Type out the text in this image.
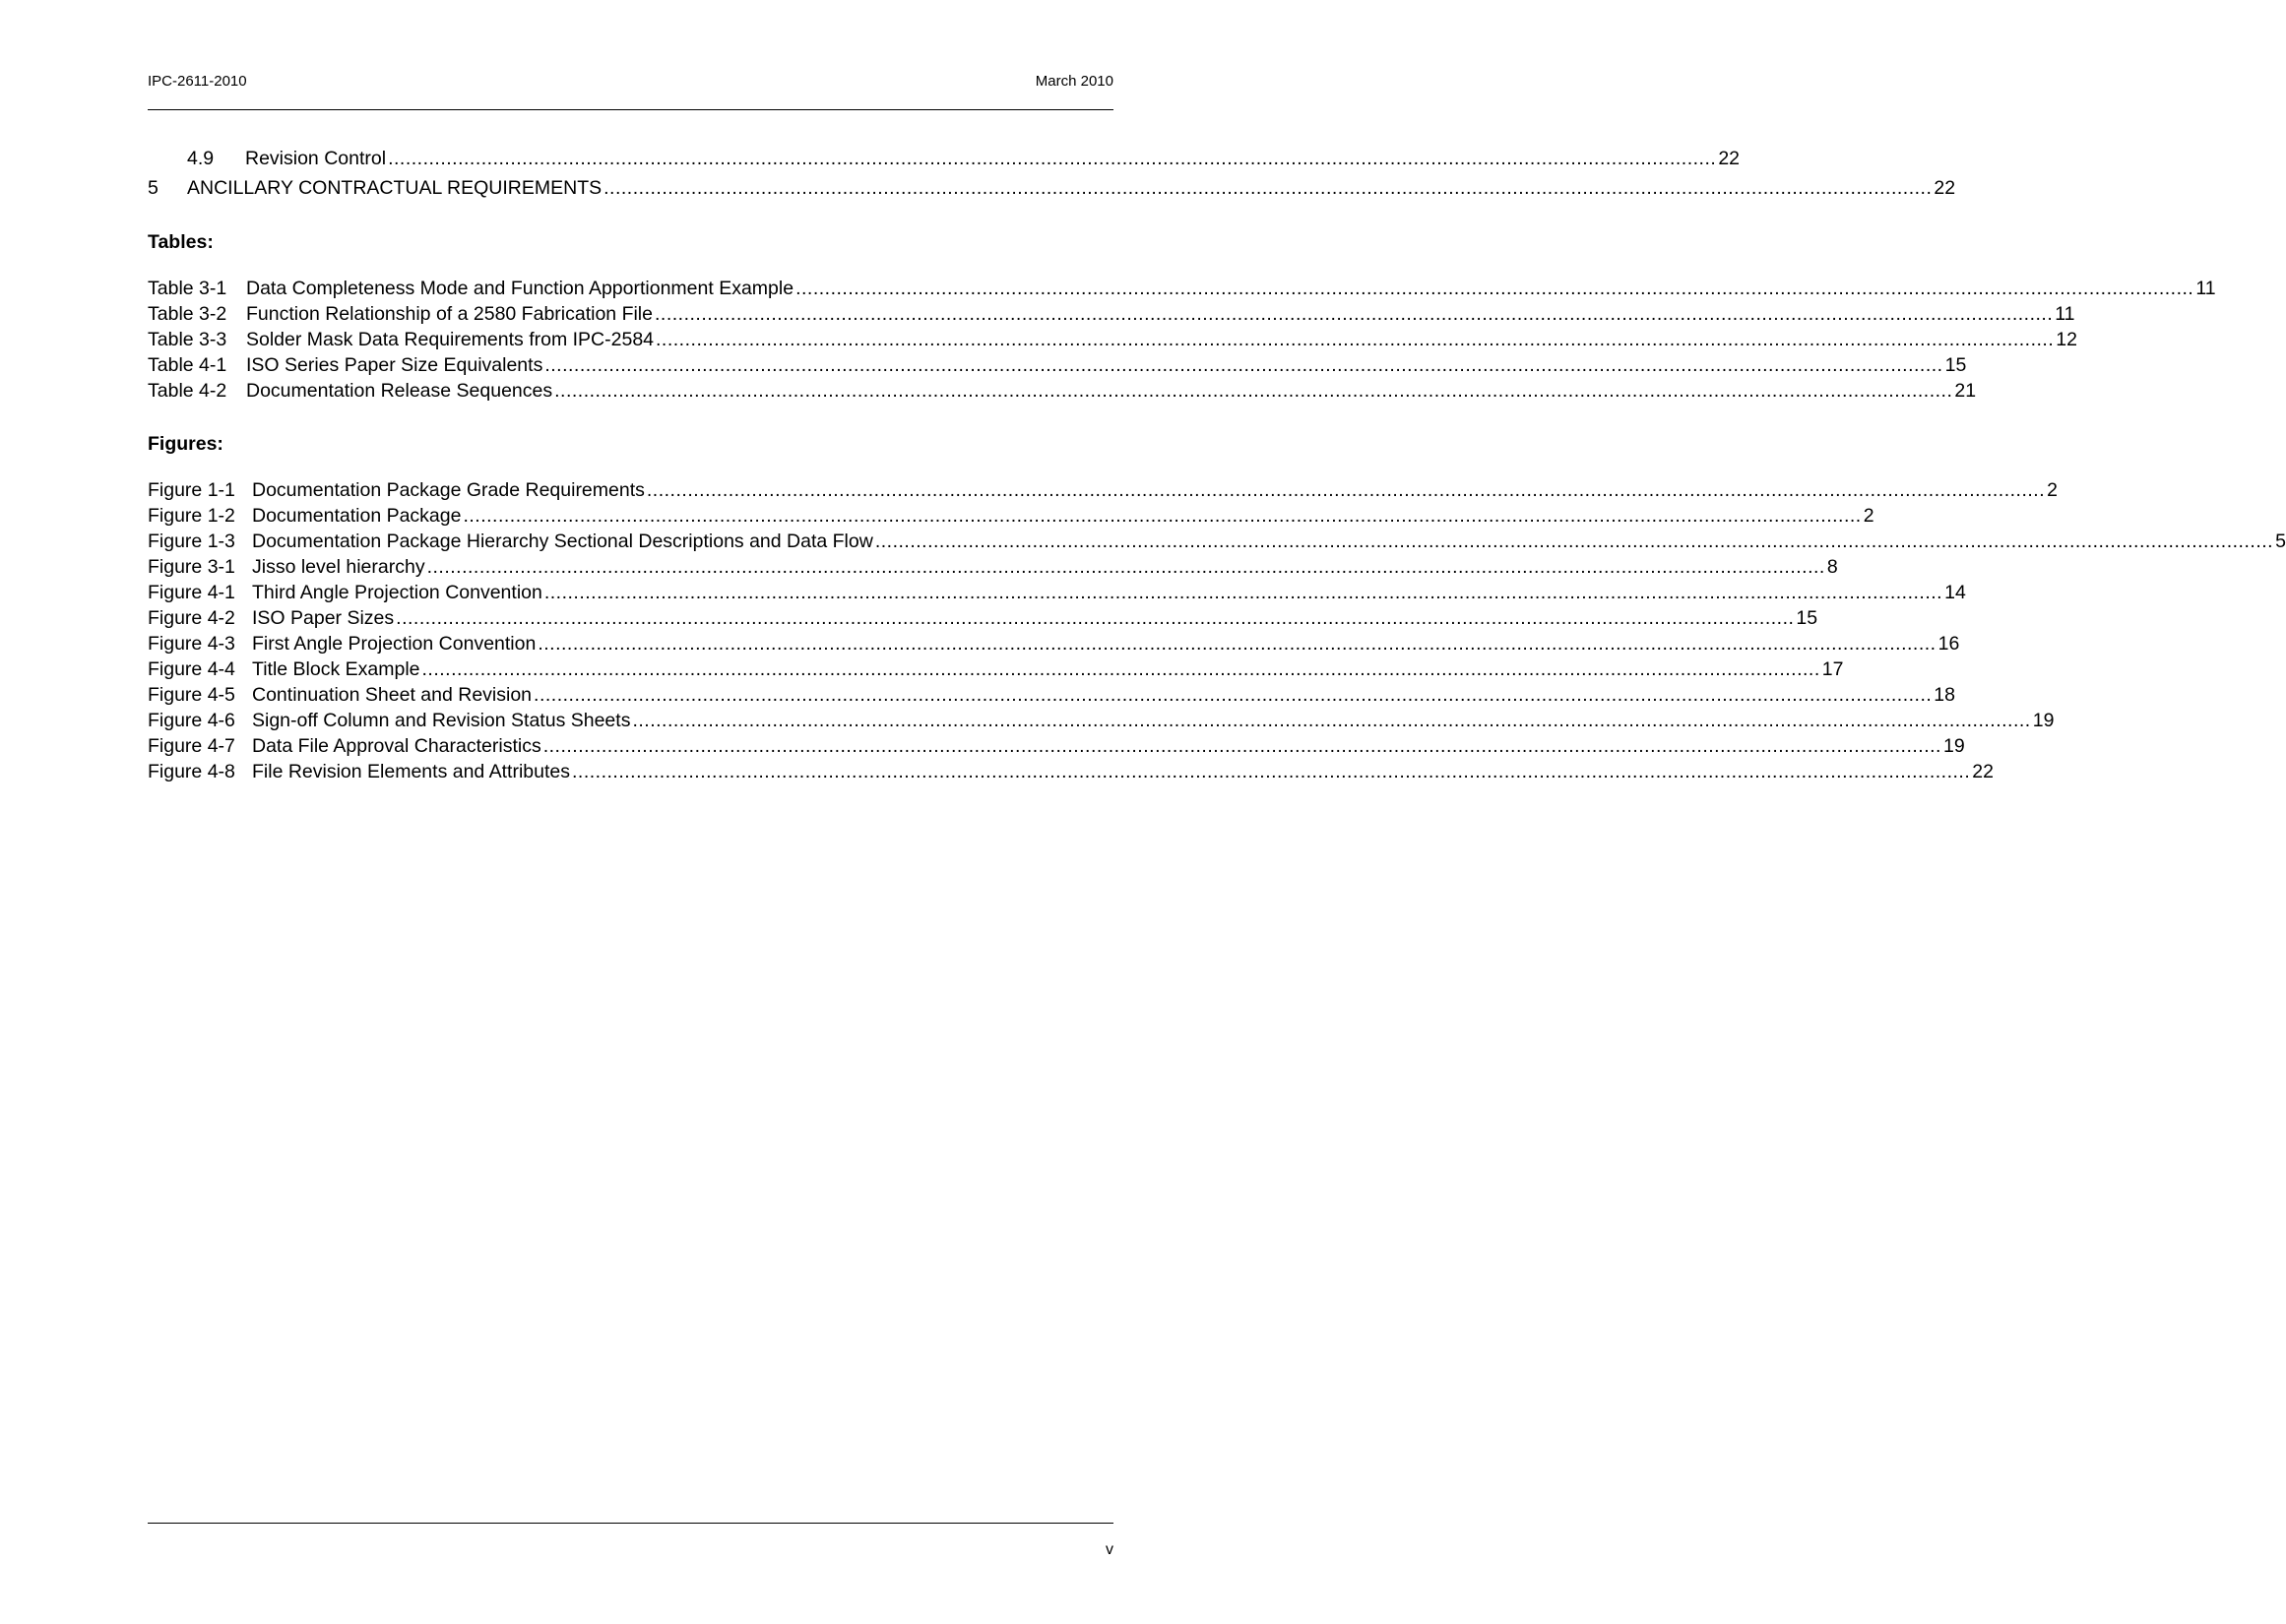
IPC-2611-2010	March 2010
4.9 Revision Control .................................................................................................................................................................................................................................... 22
5 ANCILLARY CONTRACTUAL REQUIREMENTS .................................................................................................................................................................................................................................... 22
Tables:
Table 3-1 Data Completeness Mode and Function Apportionment Example ................................................................................................................................................................................................................................................ 11
Table 3-2 Function Relationship of a 2580 Fabrication File ................................................................................................................................................................................................................................................ 11
Table 3-3 Solder Mask Data Requirements from IPC-2584 ................................................................................................................................................................................................................................................ 12
Table 4-1 ISO Series Paper Size Equivalents ................................................................................................................................................................................................................................................ 15
Table 4-2 Documentation Release Sequences ................................................................................................................................................................................................................................................ 21
Figures:
Figure 1-1 Documentation Package Grade Requirements ................................................................................................................................................................................................................................................ 2
Figure 1-2 Documentation Package ................................................................................................................................................................................................................................................ 2
Figure 1-3 Documentation Package Hierarchy Sectional Descriptions and Data Flow ................................................................................................................................................................................................................................................ 5
Figure 3-1 Jisso level hierarchy ................................................................................................................................................................................................................................................ 8
Figure 4-1 Third Angle Projection Convention ................................................................................................................................................................................................................................................ 14
Figure 4-2 ISO Paper Sizes ................................................................................................................................................................................................................................................ 15
Figure 4-3 First Angle Projection Convention ................................................................................................................................................................................................................................................ 16
Figure 4-4 Title Block Example ................................................................................................................................................................................................................................................ 17
Figure 4-5 Continuation Sheet and Revision ................................................................................................................................................................................................................................................ 18
Figure 4-6 Sign-off Column and Revision Status Sheets ................................................................................................................................................................................................................................................ 19
Figure 4-7 Data File Approval Characteristics ................................................................................................................................................................................................................................................ 19
Figure 4-8 File Revision Elements and Attributes ................................................................................................................................................................................................................................................ 22
v
